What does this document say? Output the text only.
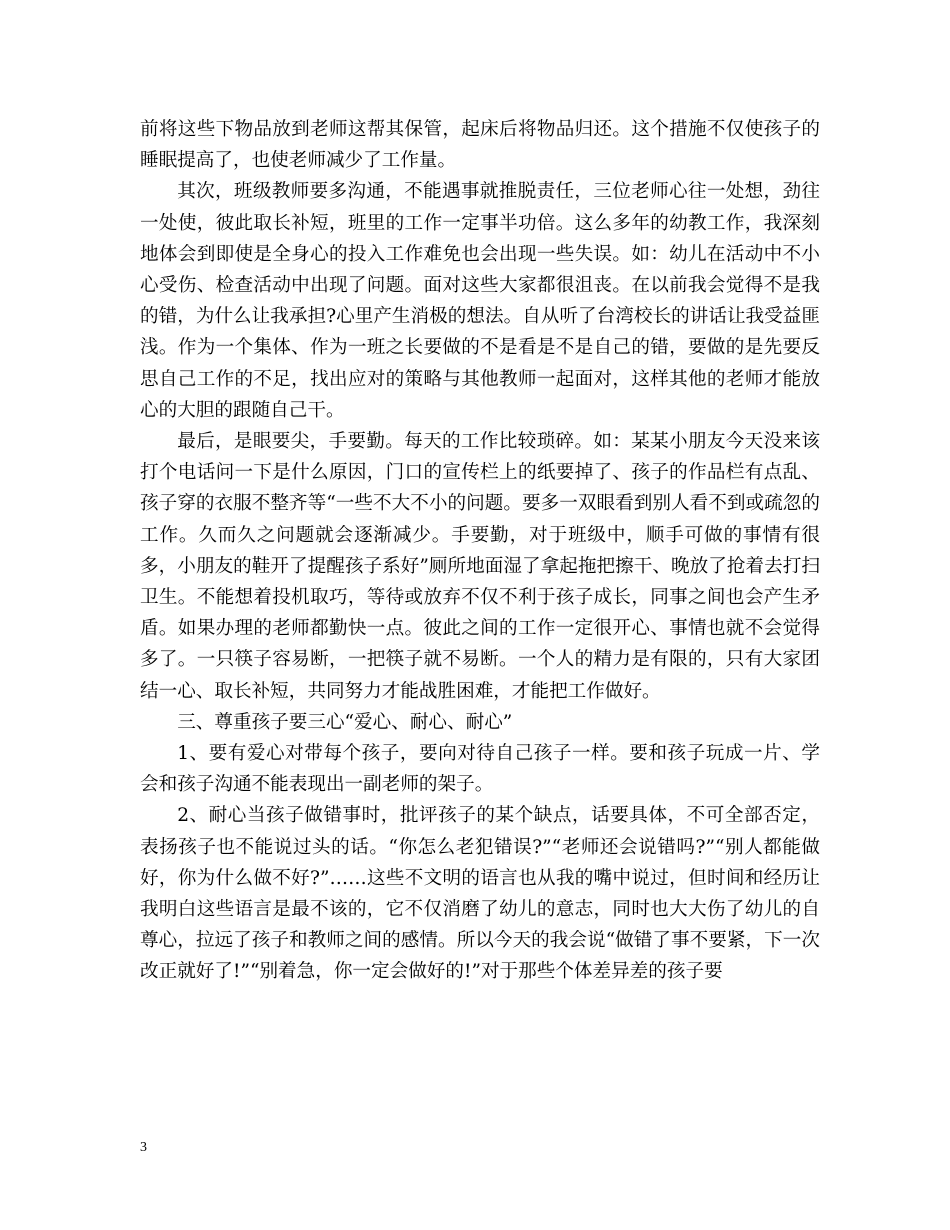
前将这些下物品放到老师这帮其保管，起床后将物品归还。这个措施不仅使孩子的睡眠提高了，也使老师减少了工作量。

其次，班级教师要多沟通，不能遇事就推脱责任，三位老师心往一处想，劲往一处使，彼此取长补短，班里的工作一定事半功倍。这么多年的幼教工作，我深刻地体会到即使是全身心的投入工作难免也会出现一些失误。如：幼儿在活动中不小心受伤、检查活动中出现了问题。面对这些大家都很沮丧。在以前我会觉得不是我的错，为什么让我承担?心里产生消极的想法。自从听了台湾校长的讲话让我受益匪浅。作为一个集体、作为一班之长要做的不是看是不是自己的错，要做的是先要反思自己工作的不足，找出应对的策略与其他教师一起面对，这样其他的老师才能放心的大胆的跟随自己干。

最后，是眼要尖，手要勤。每天的工作比较琐碎。如：某某小朋友今天没来该打个电话问一下是什么原因，门口的宣传栏上的纸要掉了、孩子的作品栏有点乱、孩子穿的衣服不整齐等“一些不大不小的问题。要多一双眼看到别人看不到或疏忽的工作。久而久之问题就会逐渐减少。手要勤，对于班级中，顺手可做的事情有很多，小朋友的鞋开了提醒孩子系好”厕所地面湿了拿起拖把擦干、晚放了抢着去打扫卫生。不能想着投机取巧，等待或放弃不仅不利于孩子成长，同事之间也会产生矛盾。如果办理的老师都勤快一点。彼此之间的工作一定很开心、事情也就不会觉得多了。一只筷子容易断，一把筷子就不易断。一个人的精力是有限的，只有大家团结一心、取长补短，共同努力才能战胜困难，才能把工作做好。

三、尊重孩子要三心“爱心、耐心、耐心”

1、要有爱心对带每个孩子，要向对待自己孩子一样。要和孩子玩成一片、学会和孩子沟通不能表现出一副老师的架子。

2、耐心当孩子做错事时，批评孩子的某个缺点，话要具体，不可全部否定，表扬孩子也不能说过头的话。“你怎么老犯错误?”“老师还会说错吗?”“别人都能做好，你为什么做不好?”……这些不文明的语言也从我的嘴中说过，但时间和经历让我明白这些语言是最不该的，它不仅消磨了幼儿的意志，同时也大大伤了幼儿的自尊心，拉远了孩子和教师之间的感情。所以今天的我会说“做错了事不要紧，下一次改正就好了!”“别着急，你一定会做好的!”对于那些个体差异差的孩子要

3
